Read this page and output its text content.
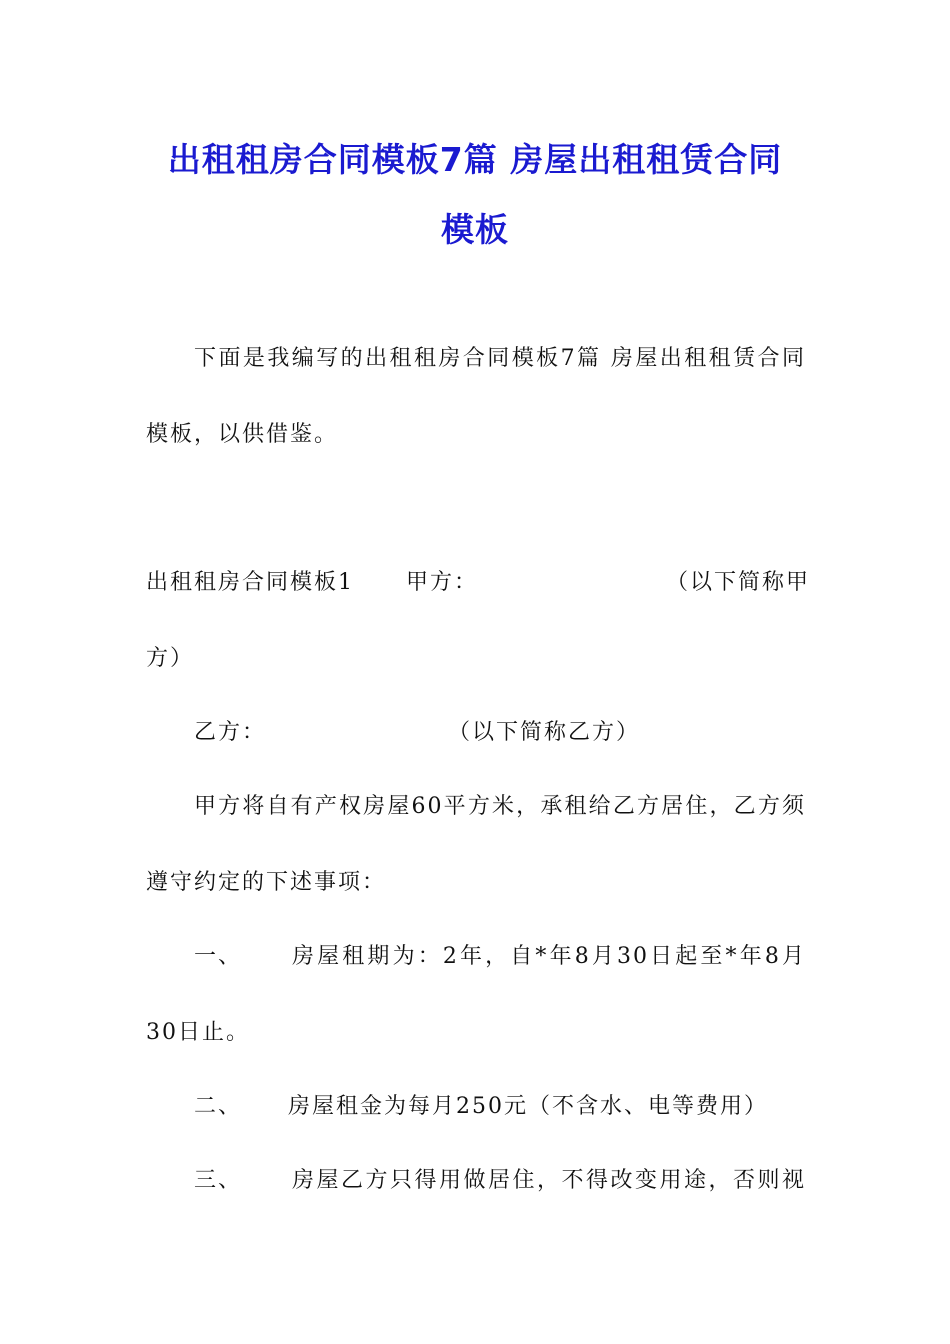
出租租房合同模板7篇 房屋出租租赁合同
模板
下面是我编写的出租租房合同模板7篇 房屋出租租赁合同
模板，以供借鉴。
出租租房合同模板1 甲方：	（以下简称甲
方）
乙方：	（以下简称乙方）
甲方将自有产权房屋60平方米，承租给乙方居住，乙方须
遵守约定的下述事项：
一、 房屋租期为：2年，自*年8月30日起至*年8月
30日止。
二、 房屋租金为每月250元（不含水、电等费用）
三、 房屋乙方只得用做居住，不得改变用途，否则视
